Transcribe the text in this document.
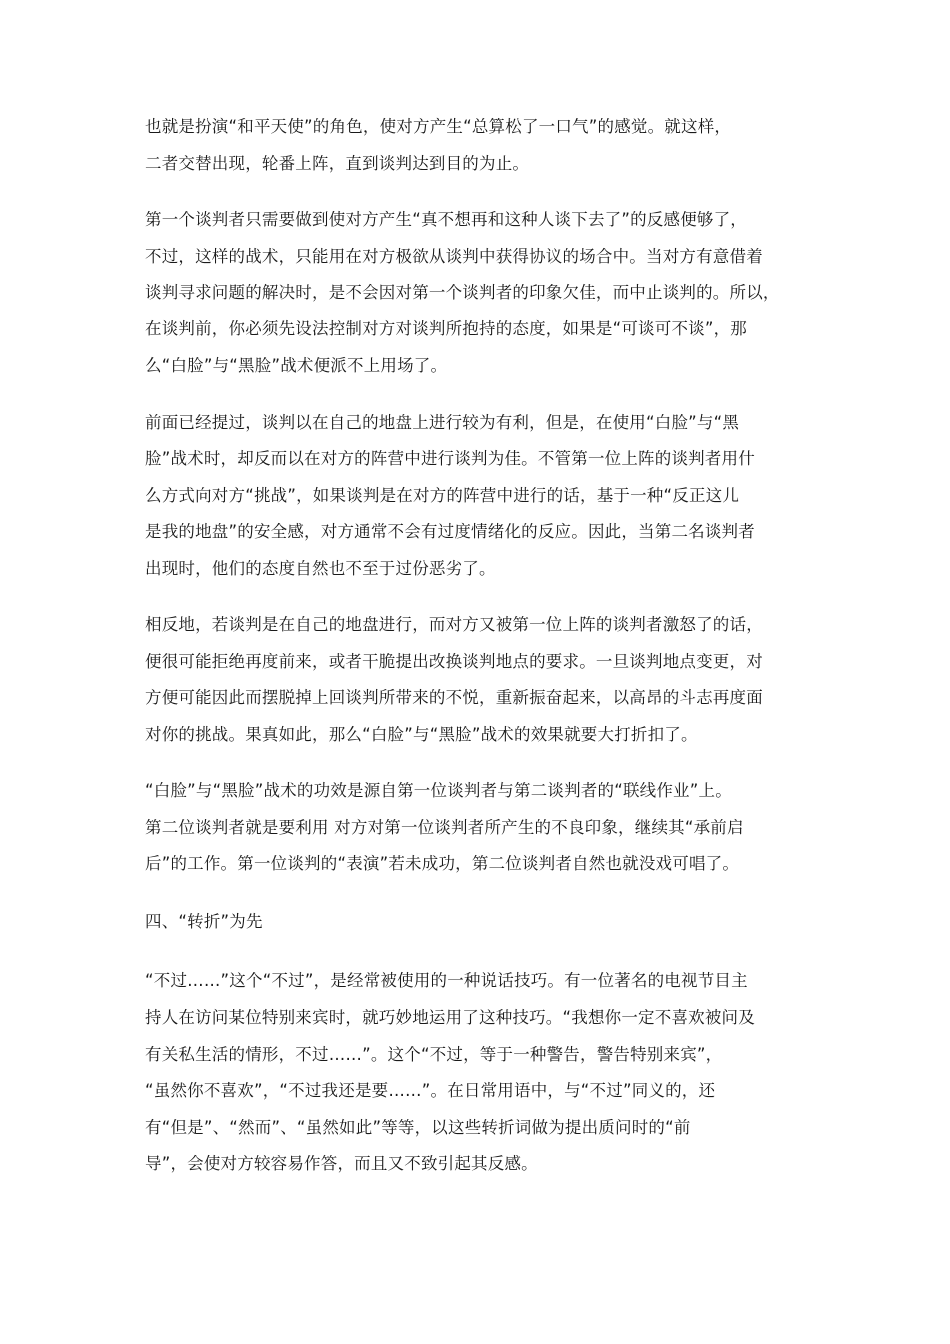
也就是扮演“和平天使”的角色，使对方产生“总算松了一口气”的感觉。就这样，
二者交替出现，轮番上阵，直到谈判达到目的为止。
第一个谈判者只需要做到使对方产生“真不想再和这种人谈下去了”的反感便够了，
不过，这样的战术，只能用在对方极欲从谈判中获得协议的场合中。当对方有意借着
谈判寻求问题的解决时，是不会因对第一个谈判者的印象欠佳，而中止谈判的。所以，
在谈判前，你必须先设法控制对方对谈判所抱持的态度，如果是“可谈可不谈”，那
么“白脸”与“黑脸”战术便派不上用场了。
前面已经提过，谈判以在自己的地盘上进行较为有利，但是，在使用“白脸”与“黑
脸”战术时，却反而以在对方的阵营中进行谈判为佳。不管第一位上阵的谈判者用什
么方式向对方“挑战”，如果谈判是在对方的阵营中进行的话，基于一种“反正这儿
是我的地盘”的安全感，对方通常不会有过度情绪化的反应。因此，当第二名谈判者
出现时，他们的态度自然也不至于过份恶劣了。
相反地，若谈判是在自己的地盘进行，而对方又被第一位上阵的谈判者激怒了的话，
便很可能拒绝再度前来，或者干脆提出改换谈判地点的要求。一旦谈判地点变更，对
方便可能因此而摆脱掉上回谈判所带来的不悦，重新振奋起来，以高昂的斗志再度面
对你的挑战。果真如此，那么“白脸”与“黑脸”战术的效果就要大打折扣了。
“白脸”与“黑脸”战术的功效是源自第一位谈判者与第二谈判者的“联线作业”上。
第二位谈判者就是要利用 对方对第一位谈判者所产生的不良印象，继续其“承前启
后”的工作。第一位谈判的“表演”若未成功，第二位谈判者自然也就没戏可唱了。
四、“转折”为先
“不过……”这个“不过”，是经常被使用的一种说话技巧。有一位著名的电视节目主
持人在访问某位特别来宾时，就巧妙地运用了这种技巧。“我想你一定不喜欢被问及
有关私生活的情形，不过……”。这个“不过，等于一种警告，警告特别来宾”，
“虽然你不喜欢”，“不过我还是要……”。在日常用语中，与“不过”同义的，还
有“但是”、“然而”、“虽然如此”等等，以这些转折词做为提出质问时的“前
导”，会使对方较容易作答，而且又不致引起其反感。
